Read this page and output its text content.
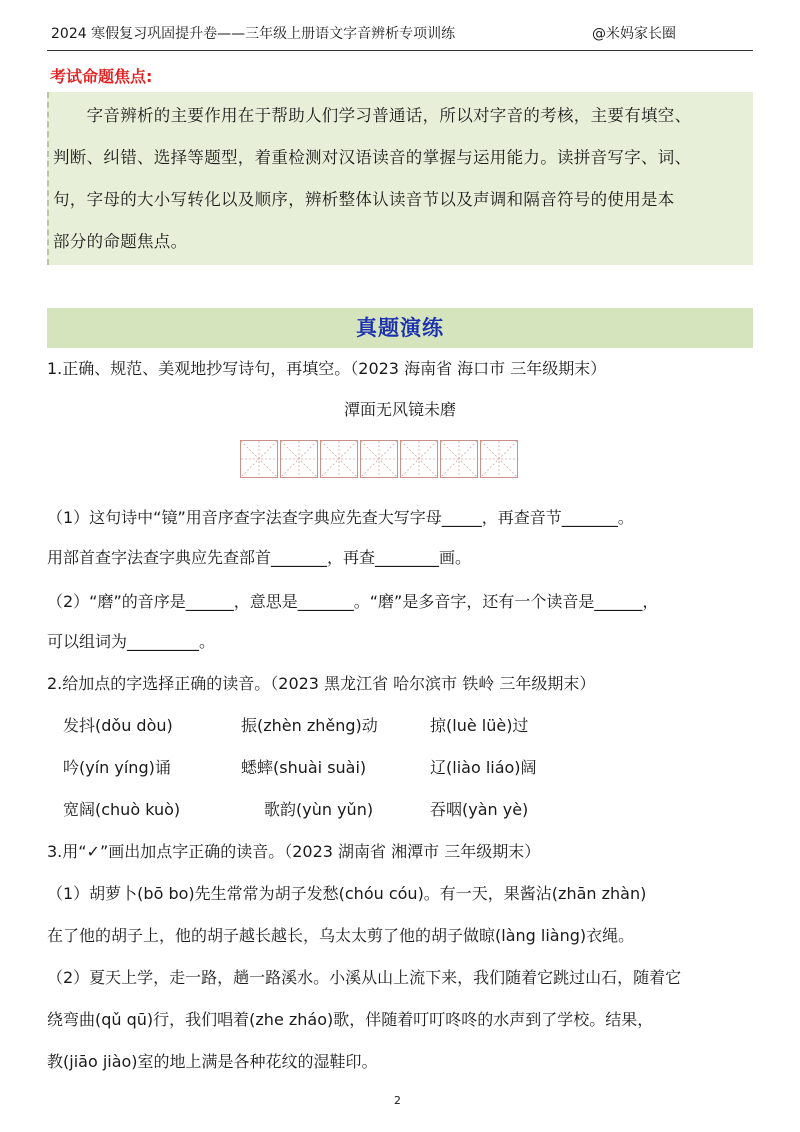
2024 寒假复习巩固提升卷——三年级上册语文字音辨析专项训练	@米妈家长圈
考试命题焦点:
　　字音辨析的主要作用在于帮助人们学习普通话，所以对字音的考核，主要有填空、
判断、纠错、选择等题型，着重检测对汉语读音的掌握与运用能力。读拼音写字、词、
句，字母的大小写转化以及顺序，辨析整体认读音节以及声调和隔音符号的使用是本
部分的命题焦点。
真题演练
1.正确、规范、美观地抄写诗句，再填空。（2023 海南省 海口市 三年级期末）
潭面无风镜未磨
（1）这句诗中“镜”用音序查字法查字典应先查大写字母_____，再查音节_______。
用部首查字法查字典应先查部首_______，再查________画。
（2）“磨”的音序是______，意思是_______。“磨”是多音字，还有一个读音是______，
可以组词为_________。
2.给加点的字选择正确的读音。（2023 黑龙江省 哈尔滨市 铁岭 三年级期末）
发抖(dǒu dòu)	振(zhèn zhěng)动	掠(luè lüè)过
吟(yín yíng)诵	蟋蟀(shuài suài)	辽(liào liáo)阔
宽阔(chuò kuò)	歌韵(yùn yǔn)	吞咽(yàn yè)
3.用“✓”画出加点字正确的读音。（2023 湖南省 湘潭市 三年级期末）
（1）胡萝卜(bō bo)先生常常为胡子发愁(chóu cóu)。有一天，果酱沾(zhān zhàn)
在了他的胡子上，他的胡子越长越长，乌太太剪了他的胡子做晾(làng liàng)衣绳。
（2）夏天上学，走一路，趟一路溪水。小溪从山上流下来，我们随着它跳过山石，随着它
绕弯曲(qǔ qū)行，我们唱着(zhe zháo)歌，伴随着叮叮咚咚的水声到了学校。结果，
教(jiāo jiào)室的地上满是各种花纹的湿鞋印。
2
